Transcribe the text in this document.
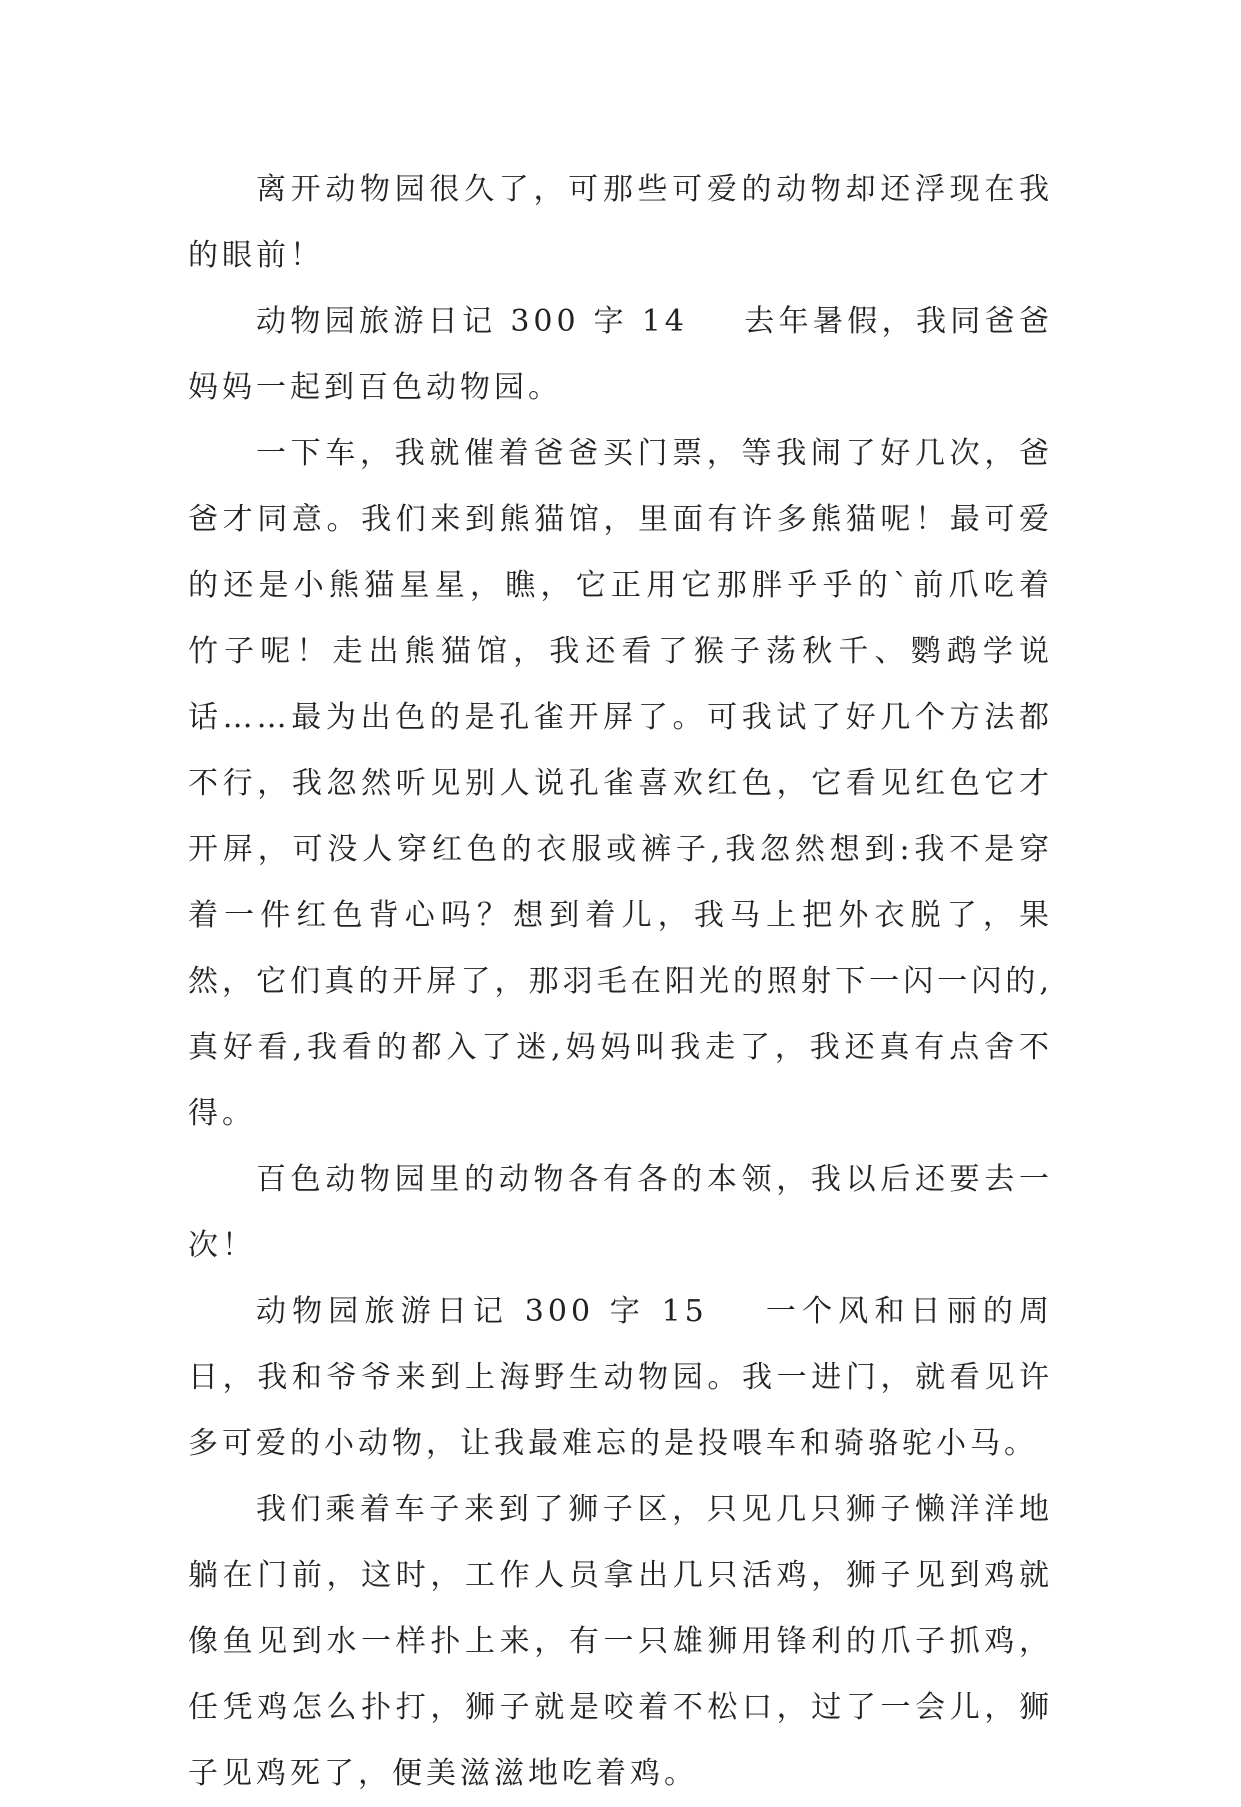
离开动物园很久了，可那些可爱的动物却还浮现在我的眼前！

动物园旅游日记 300 字 14 去年暑假，我同爸爸妈妈一起到百色动物园。

一下车，我就催着爸爸买门票，等我闹了好几次，爸爸才同意。我们来到熊猫馆，里面有许多熊猫呢！最可爱的还是小熊猫星星，瞧，它正用它那胖乎乎的`前爪吃着竹子呢！走出熊猫馆，我还看了猴子荡秋千、鹦鹉学说话……最为出色的是孔雀开屏了。可我试了好几个方法都不行，我忽然听见别人说孔雀喜欢红色，它看见红色它才开屏，可没人穿红色的衣服或裤子,我忽然想到:我不是穿着一件红色背心吗？想到着儿，我马上把外衣脱了，果然，它们真的开屏了，那羽毛在阳光的照射下一闪一闪的,真好看,我看的都入了迷,妈妈叫我走了，我还真有点舍不得。

百色动物园里的动物各有各的本领，我以后还要去一次！

动物园旅游日记 300 字 15 一个风和日丽的周日，我和爷爷来到上海野生动物园。我一进门，就看见许多可爱的小动物，让我最难忘的是投喂车和骑骆驼小马。

我们乘着车子来到了狮子区，只见几只狮子懒洋洋地躺在门前，这时，工作人员拿出几只活鸡，狮子见到鸡就像鱼见到水一样扑上来，有一只雄狮用锋利的爪子抓鸡，任凭鸡怎么扑打，狮子就是咬着不松口，过了一会儿，狮子见鸡死了，便美滋滋地吃着鸡。
